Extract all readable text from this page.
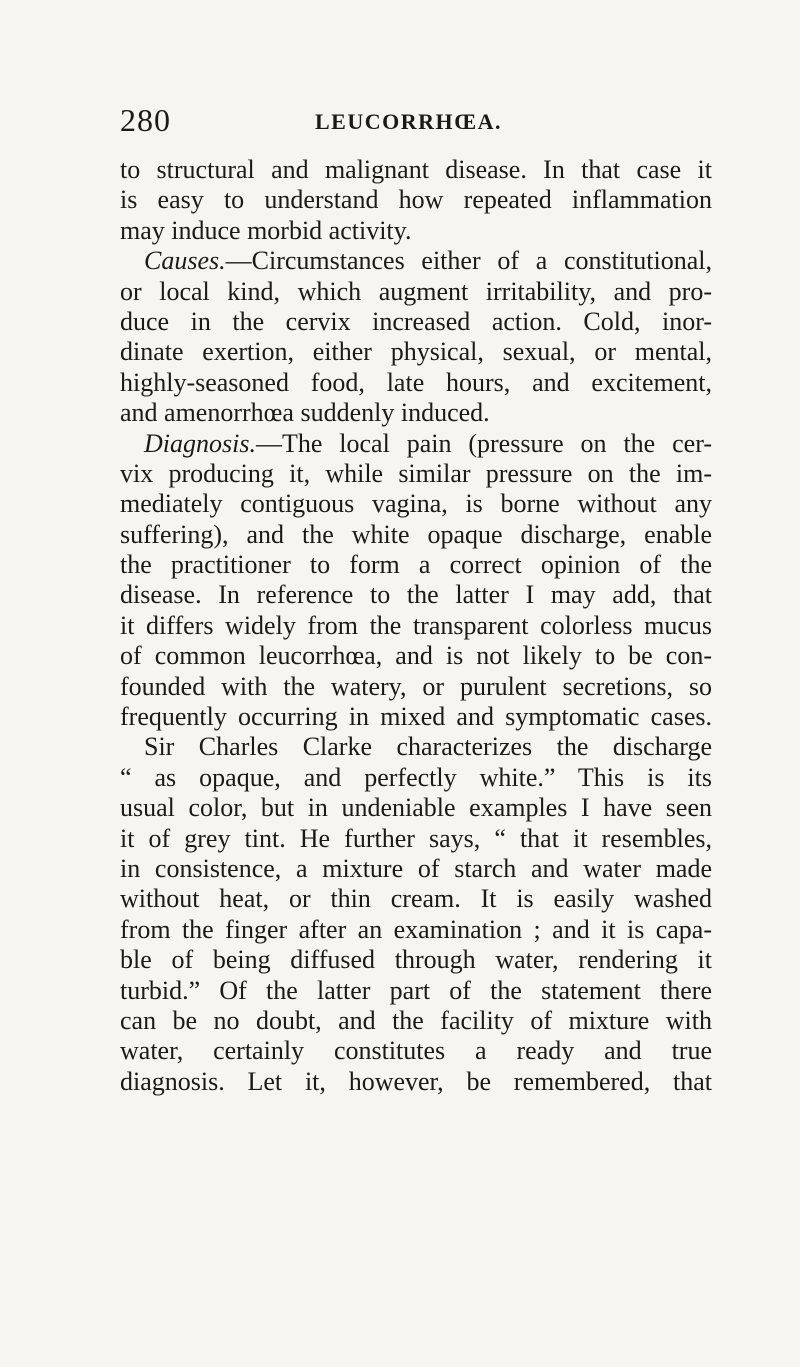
280	LEUCORRHŒA.
to structural and malignant disease. In that case it
is easy to understand how repeated inflammation
may induce morbid activity.
Causes.—Circumstances either of a constitutional,
or local kind, which augment irritability, and pro-
duce in the cervix increased action. Cold, inor-
dinate exertion, either physical, sexual, or mental,
highly-seasoned food, late hours, and excitement,
and amenorrhœa suddenly induced.
Diagnosis.—The local pain (pressure on the cer-
vix producing it, while similar pressure on the im-
mediately contiguous vagina, is borne without any
suffering), and the white opaque discharge, enable
the practitioner to form a correct opinion of the
disease. In reference to the latter I may add, that
it differs widely from the transparent colorless mucus
of common leucorrhœa, and is not likely to be con-
founded with the watery, or purulent secretions, so
frequently occurring in mixed and symptomatic cases.
Sir Charles Clarke characterizes the discharge
“ as opaque, and perfectly white.” This is its
usual color, but in undeniable examples I have seen
it of grey tint. He further says, “ that it resembles,
in consistence, a mixture of starch and water made
without heat, or thin cream. It is easily washed
from the finger after an examination ; and it is capa-
ble of being diffused through water, rendering it
turbid.” Of the latter part of the statement there
can be no doubt, and the facility of mixture with
water, certainly constitutes a ready and true
diagnosis. Let it, however, be remembered, that
